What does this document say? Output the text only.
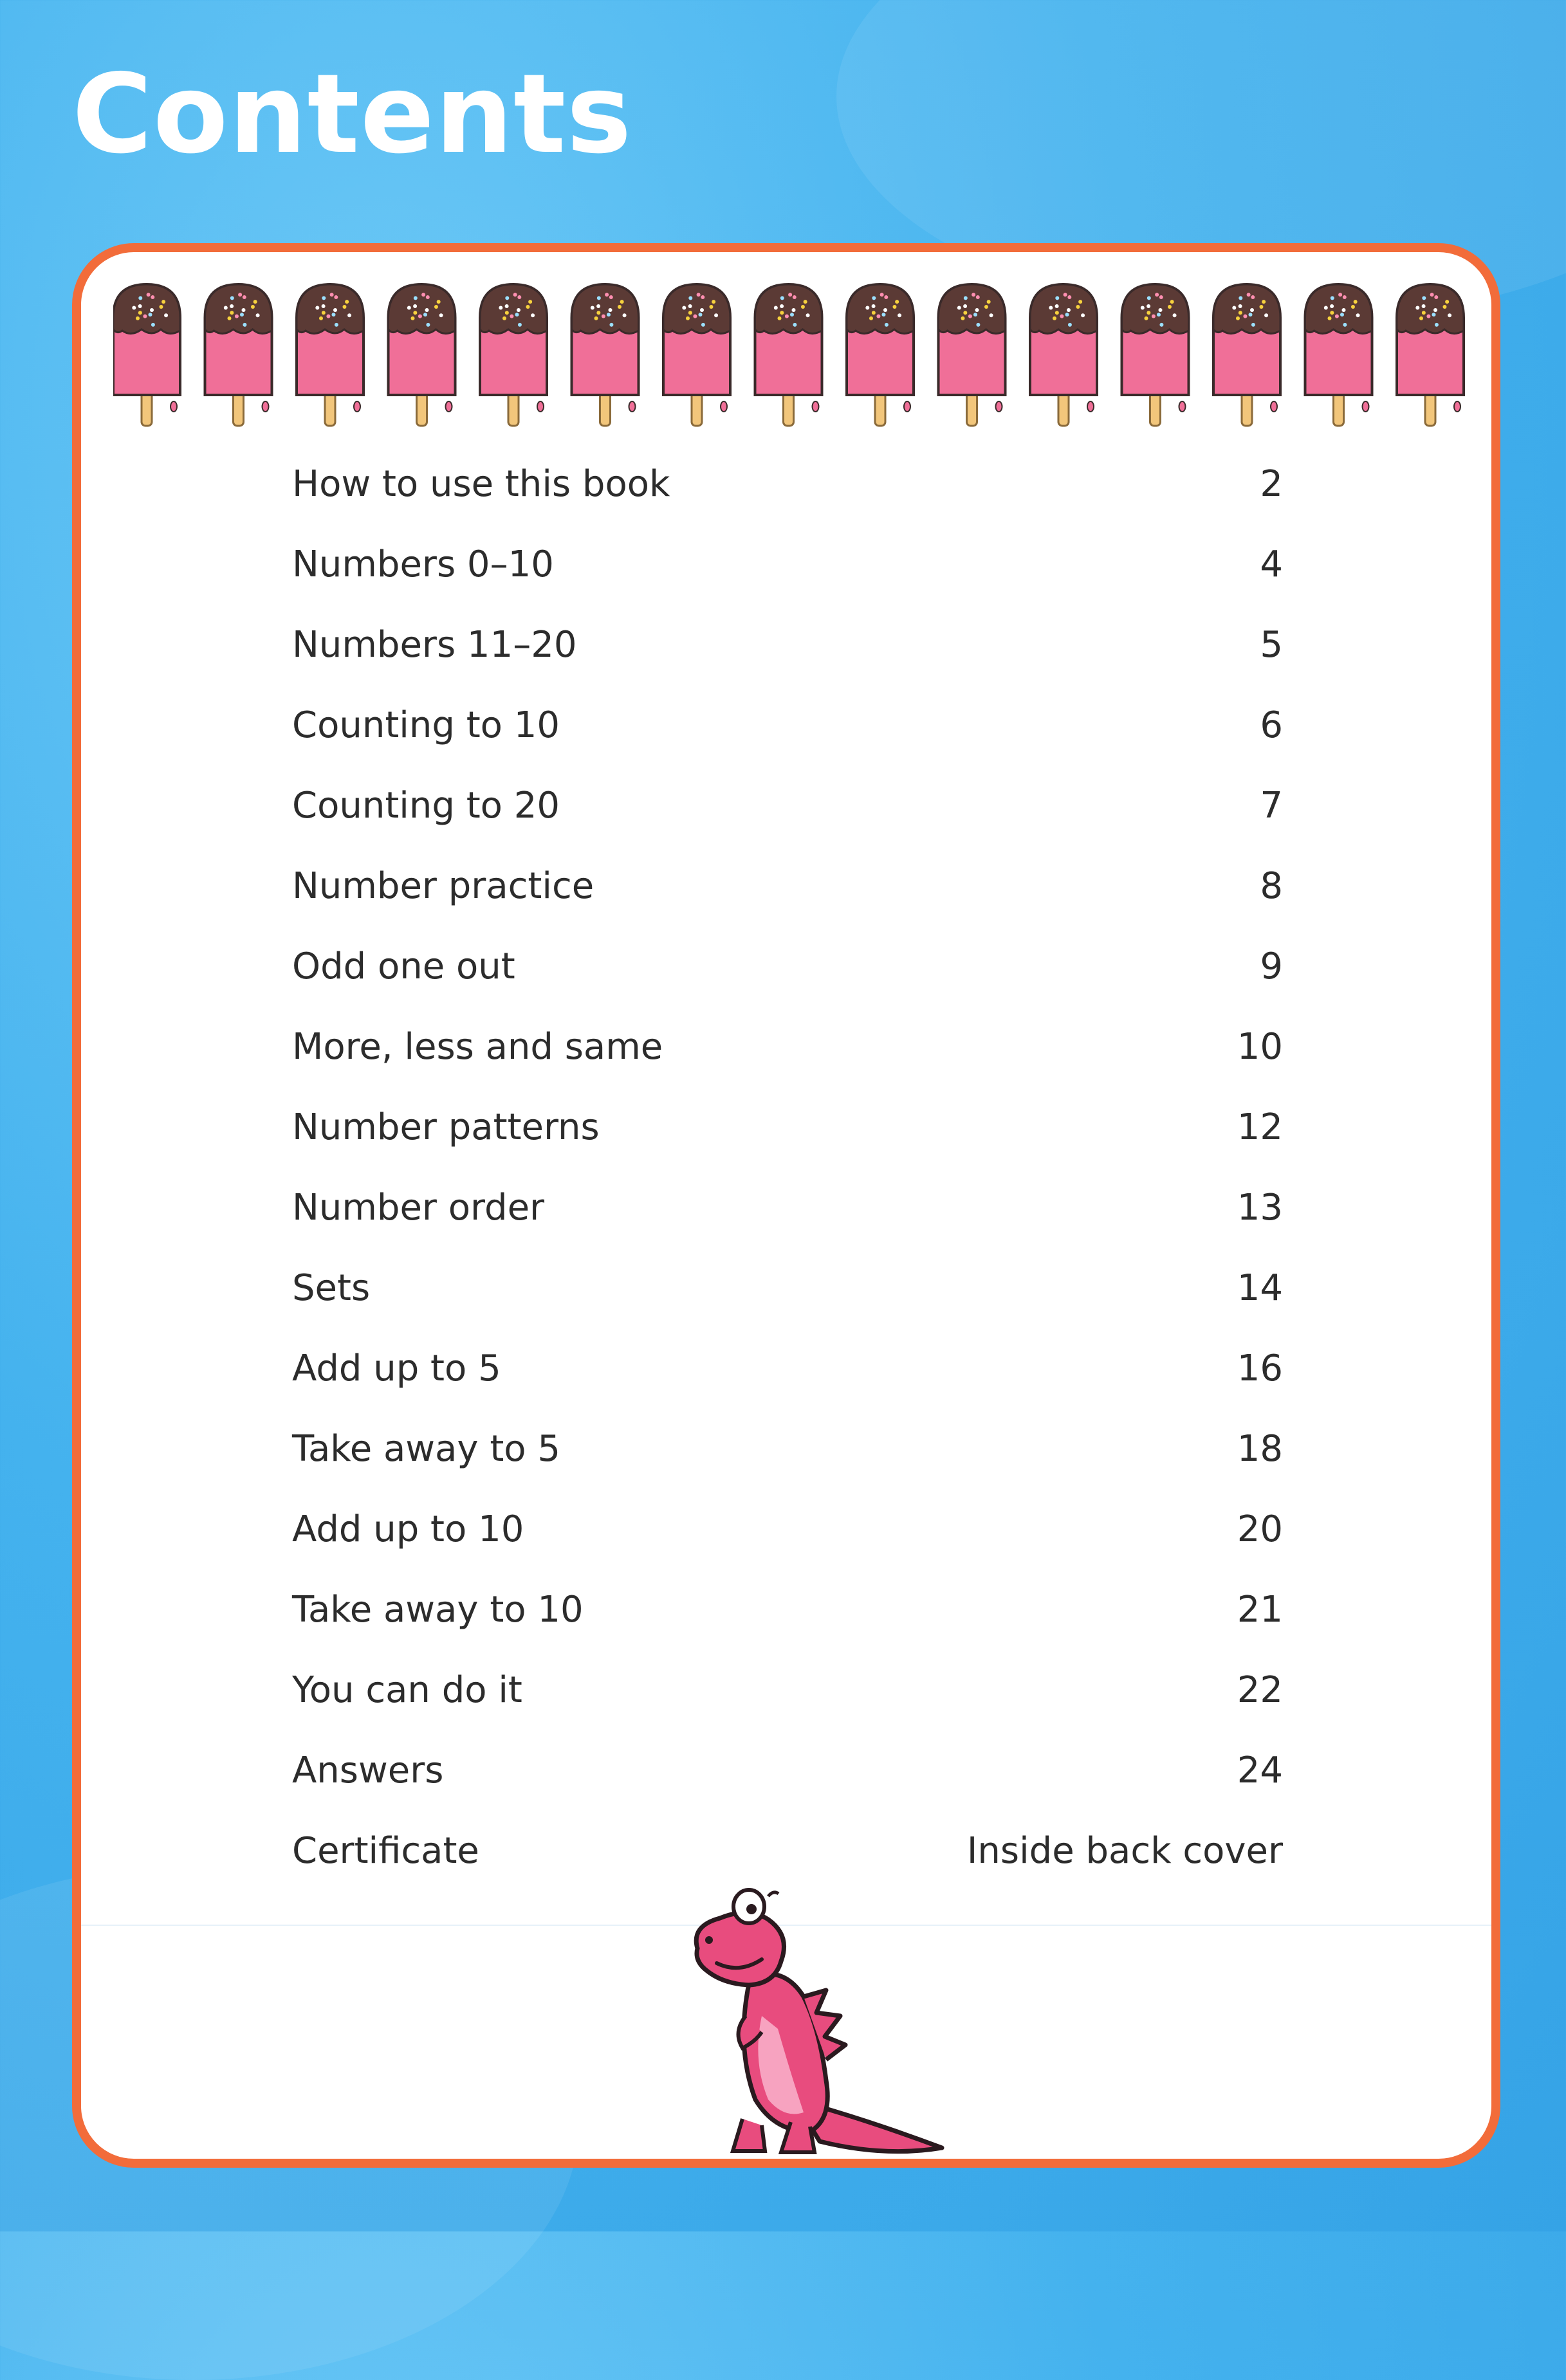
Contents
How to use this book	2
Numbers 0–10	4
Numbers 11–20	5
Counting to 10	6
Counting to 20	7
Number practice	8
Odd one out	9
More, less and same	10
Number patterns	12
Number order	13
Sets	14
Add up to 5	16
Take away to 5	18
Add up to 10	20
Take away to 10	21
You can do it	22
Answers	24
Certificate	Inside back cover
